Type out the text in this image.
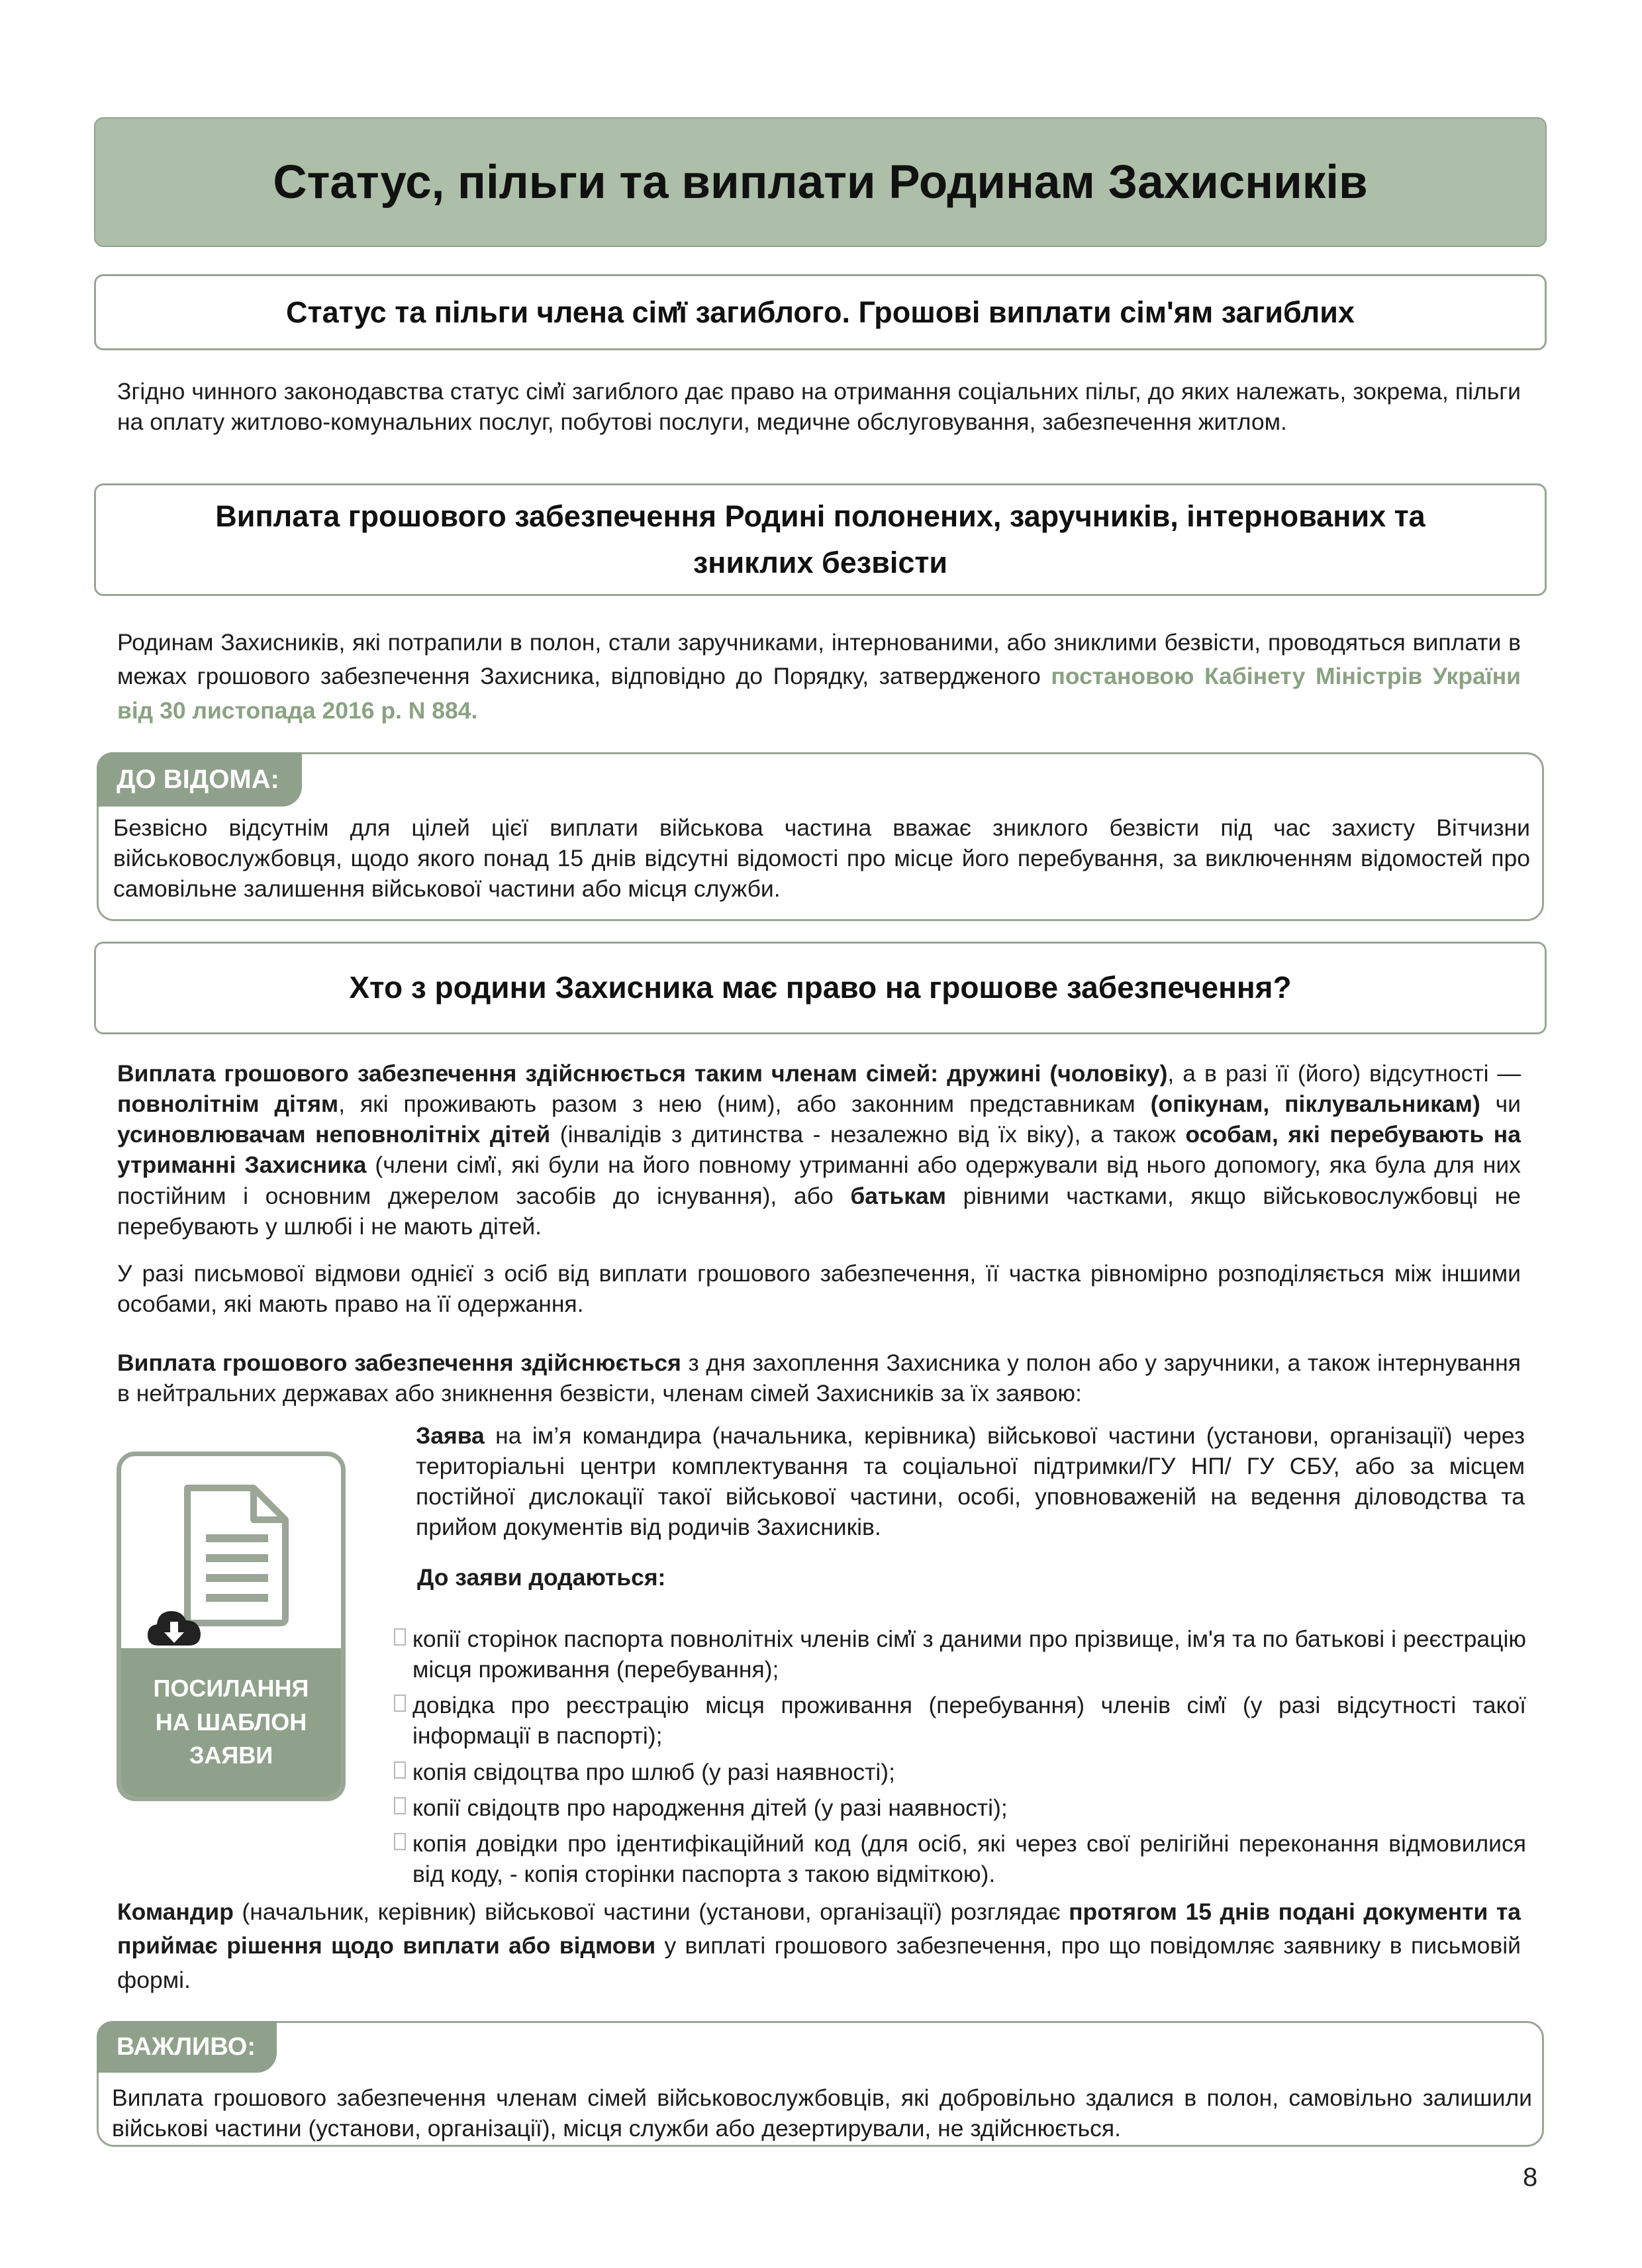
Статус, пільги та виплати Родинам Захисників
Статус та пільги члена сім̓ї загиблого. Грошові виплати сім'ям загиблих

Згідно чинного законодавства статус сім̓ї загиблого дає право на отримання соціальних пільг, до яких належать, зокрема, пільги на оплату житлово-комунальних послуг, побутові послуги, медичне обслуговування, забезпечення житлом.

Виплата грошового забезпечення Родині полонених, заручників, інтернованих та
зниклих безвісти

Родинам Захисників, які потрапили в полон, стали заручниками, інтернованими, або зниклими безвісти, проводяться виплати в межах грошового забезпечення Захисника, відповідно до Порядку, затвердженого постановою Кабінету Міністрів України від 30 листопада 2016 р. N 884.

Безвісно відсутнім для цілей цієї виплати військова частина вважає зниклого безвісти під час захисту Вітчизни військовослужбовця, щодо якого понад 15 днів відсутні відомості про місце його перебування, за виключенням відомостей про самовільне залишення військової частини або місця служби.
ДО ВІДОМА:
Хто з родини Захисника має право на грошове забезпечення?

Виплата грошового забезпечення здійснюється таким членам сімей: дружині (чоловіку), а в разі її (його) відсутності — повнолітнім дітям, які проживають разом з нею (ним), або законним представникам (опікунам, піклувальникам) чи усиновлювачам неповнолітніх дітей (інвалідів з дитинства - незалежно від їх віку), а також особам, які перебувають на утриманні Захисника (члени сім̓ї, які були на його повному утриманні або одержували від нього допомогу, яка була для них постійним і основним джерелом засобів до існування), або батькам рівними частками, якщо військовослужбовці не перебувають у шлюбі і не мають дітей.

У разі письмової відмови однієї з осіб від виплати грошового забезпечення, її частка рівномірно розподіляється між іншими особами, які мають право на її одержання.

Виплата грошового забезпечення здійснюється з дня захоплення Захисника у полон або у заручники, а також інтернування в нейтральних державах або зникнення безвісти, членам сімей Захисників за їх заявою:

ПОСИЛАННЯ НА ШАБЛОН ЗАЯВИ

Заява на ім’я командира (начальника, керівника) військової частини (установи, організації) через територіальні центри комплектування та соціальної підтримки/ГУ НП/ ГУ СБУ, або за місцем постійної дислокації такої військової частини, особі, уповноваженій на ведення діловодства та прийом документів від родичів Захисників.

До заяви додаються:
копії сторінок паспорта повнолітніх членів сім̓ї з даними про прізвище, ім'я та по батькові і реєстрацію місця проживання (перебування);
довідка про реєстрацію місця проживання (перебування) членів сім̓ї (у разі відсутності такої інформації в паспорті);
копія свідоцтва про шлюб (у разі наявності);
копії свідоцтв про народження дітей (у разі наявності);
копія довідки про ідентифікаційний код (для осіб, які через свої релігійні переконання відмовилися від коду, - копія сторінки паспорта з такою відміткою).

Командир (начальник, керівник) військової частини (установи, організації) розглядає протягом 15 днів подані документи та приймає рішення щодо виплати або відмови у виплаті грошового забезпечення, про що повідомляє заявнику в письмовій формі.

Виплата грошового забезпечення членам сімей військовослужбовців, які добровільно здалися в полон, самовільно залишили військові частини (установи, організації), місця служби або дезертирували, не здійснюється.
ВАЖЛИВО:
8
